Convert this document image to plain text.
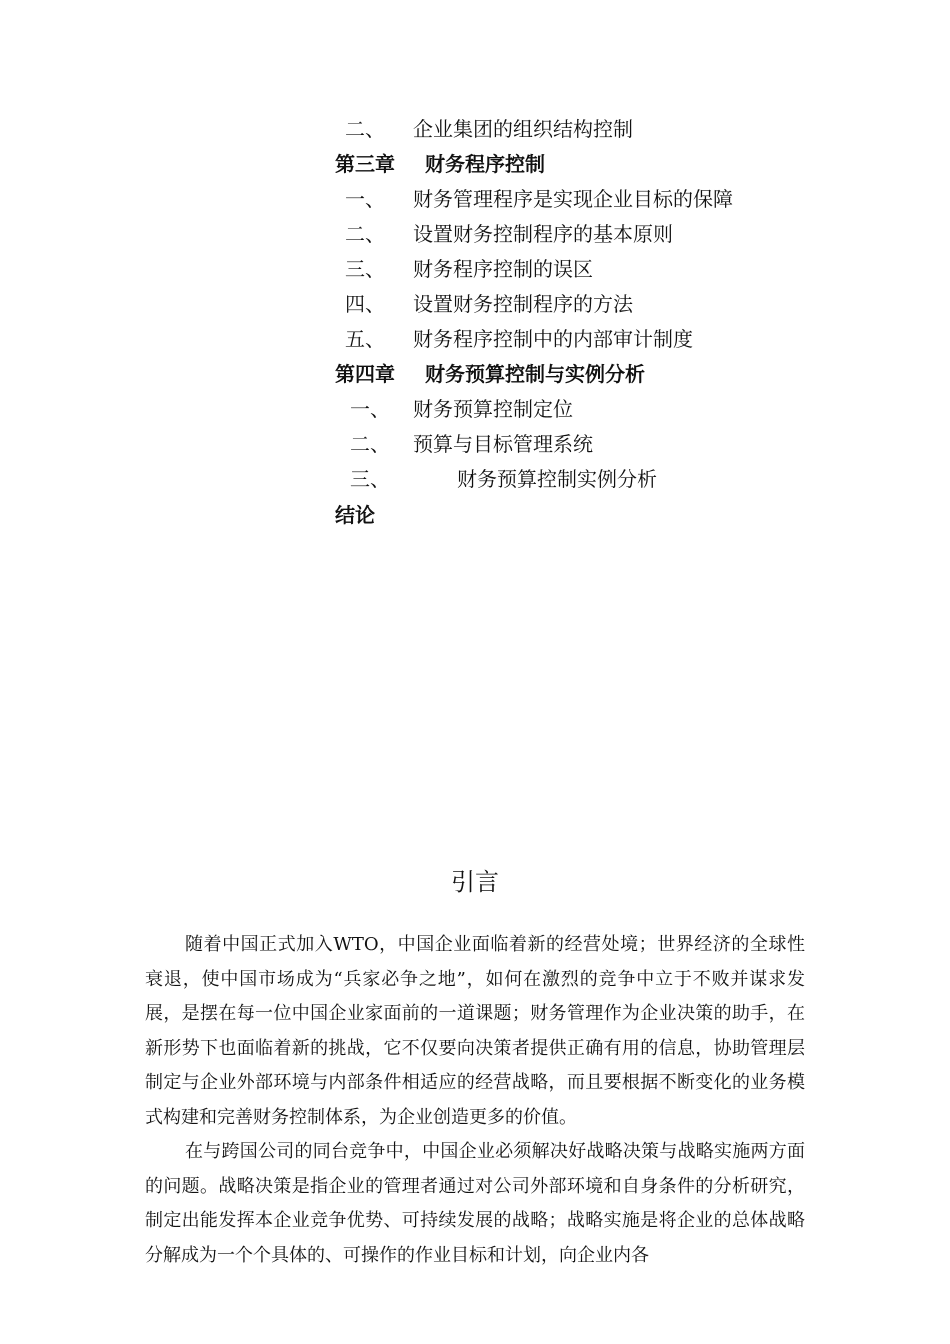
二、 企业集团的组织结构控制
第三章 财务程序控制
一、 财务管理程序是实现企业目标的保障
二、 设置财务控制程序的基本原则
三、 财务程序控制的误区
四、 设置财务控制程序的方法
五、 财务程序控制中的内部审计制度
第四章 财务预算控制与实例分析
一、 财务预算控制定位
二、 预算与目标管理系统
三、	财务预算控制实例分析
结论
引言

随着中国正式加入WTO，中国企业面临着新的经营处境；世界经济的全球性衰退，使中国市场成为“兵家必争之地”，如何在激烈的竞争中立于不败并谋求发展，是摆在每一位中国企业家面前的一道课题；财务管理作为企业决策的助手，在新形势下也面临着新的挑战，它不仅要向决策者提供正确有用的信息，协助管理层制定与企业外部环境与内部条件相适应的经营战略，而且要根据不断变化的业务模式构建和完善财务控制体系，为企业创造更多的价值。

在与跨国公司的同台竞争中，中国企业必须解决好战略决策与战略实施两方面的问题。战略决策是指企业的管理者通过对公司外部环境和自身条件的分析研究，制定出能发挥本企业竞争优势、可持续发展的战略；战略实施是将企业的总体战略分解成为一个个具体的、可操作的作业目标和计划，向企业内各
